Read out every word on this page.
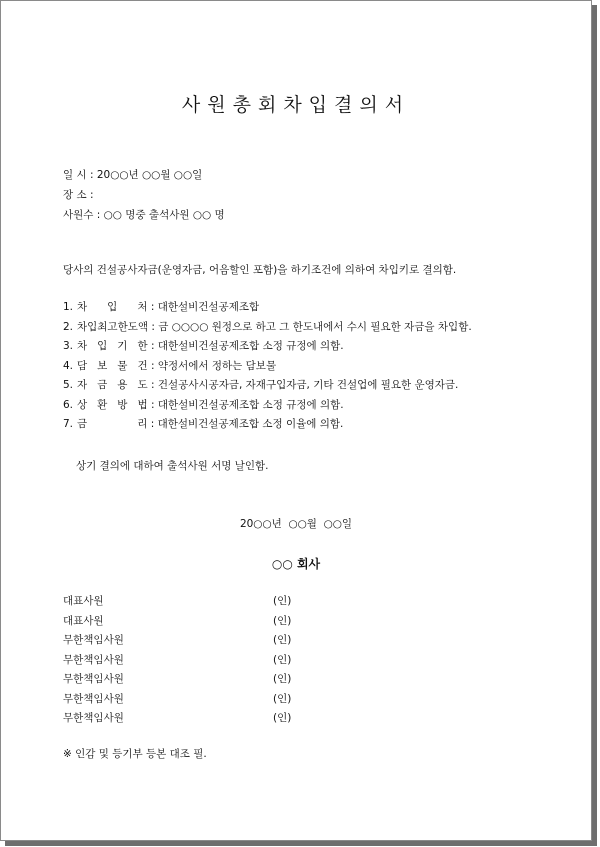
사원총회차입결의서
일 시 : 20○○년 ○○월 ○○일
장 소 :
사원수 : ○○ 명중 출석사원 ○○ 명
당사의 건설공사자금(운영자금, 어음할인 포함)을 하기조건에 의하여 차입키로 결의함.
1. 차      입      처 : 대한설비건설공제조합
2. 차입최고한도액 : 금 ○○○○ 원정으로 하고 그 한도내에서 수시 필요한 자금을 차입함.
3. 차   입   기   한 : 대한설비건설공제조합 소정 규정에 의함.
4. 담   보   물   건 : 약정서에서 정하는 담보물
5. 자   금   용   도 : 건설공사시공자금, 자재구입자금, 기타 건설업에 필요한 운영자금.
6. 상   환   방   법 : 대한설비건설공제조합 소정 규정에 의함.
7. 금               리 : 대한설비건설공제조합 소정 이율에 의함.
상기 결의에 대하여 출석사원 서명 날인함.
20○○년  ○○월  ○○일
○○ 회사
대표사원	(인)
대표사원	(인)
무한책임사원	(인)
무한책임사원	(인)
무한책임사원	(인)
무한책임사원	(인)
무한책임사원	(인)
※ 인감 및 등기부 등본 대조 필.
